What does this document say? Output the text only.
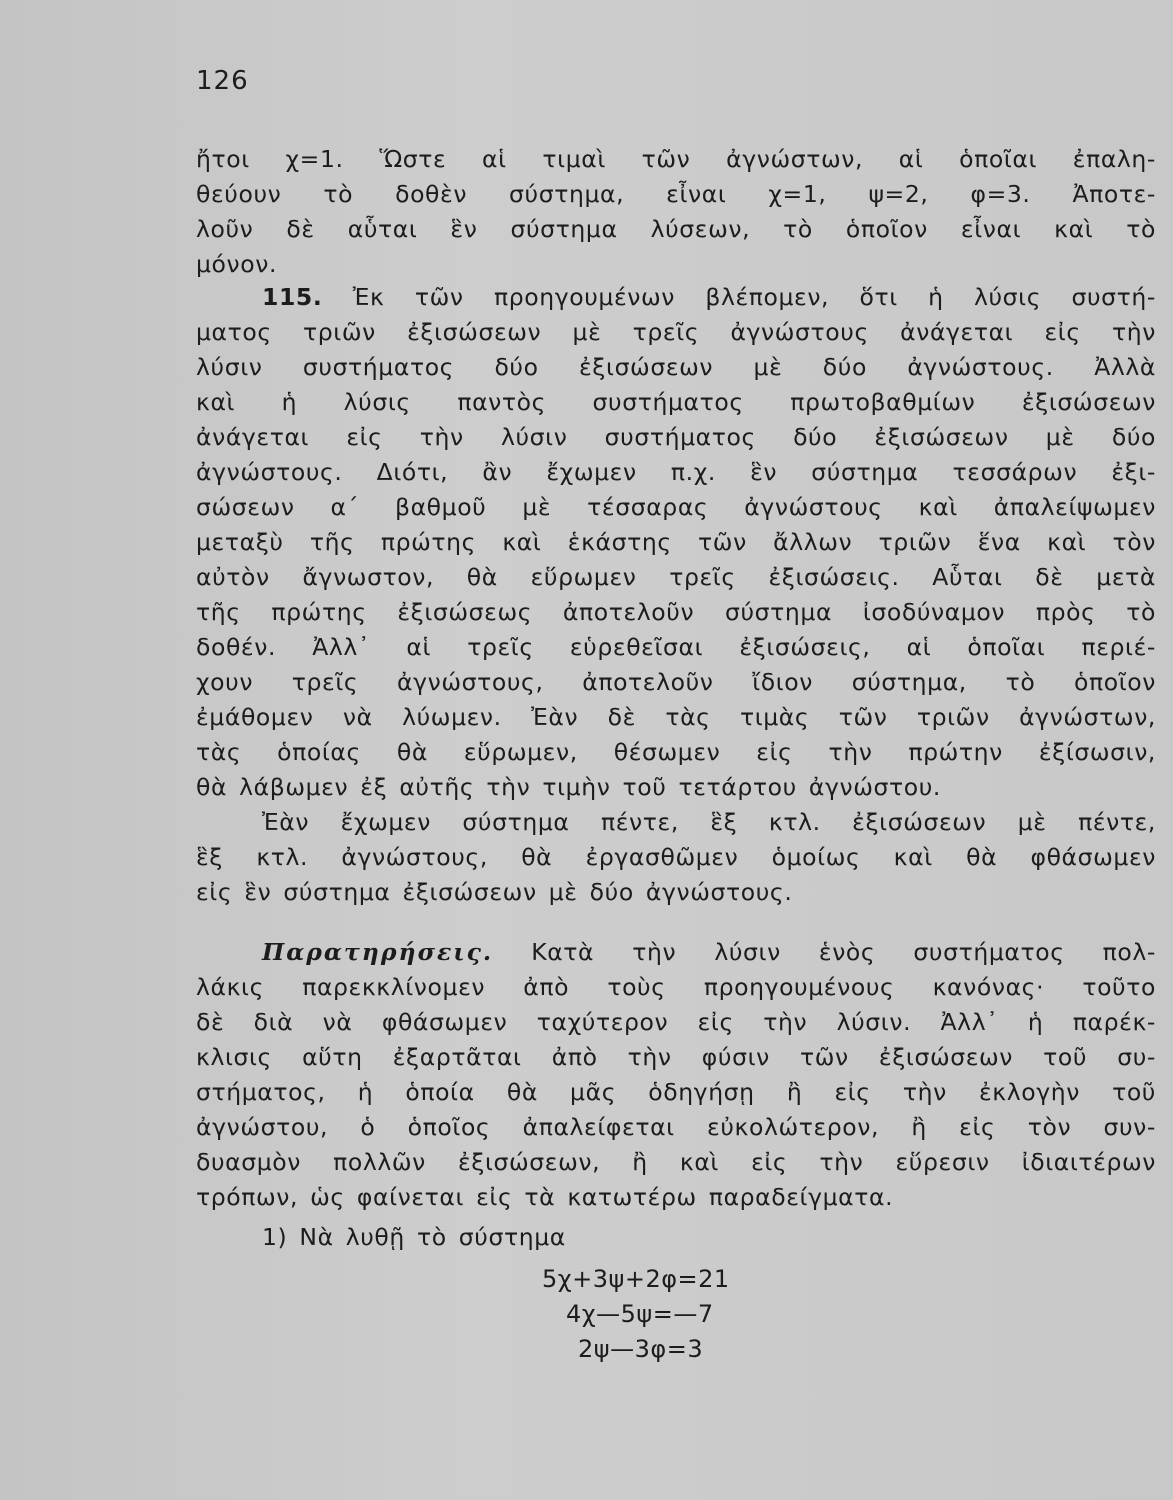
126
ἤτοι χ=1. Ὥστε αἱ τιμαὶ τῶν ἀγνώστων, αἱ ὁποῖαι ἐπαλη-
θεύουν τὸ δοθὲν σύστημα, εἶναι χ=1, ψ=2, φ=3. Ἀποτε-
λοῦν δὲ αὗται ἓν σύστημα λύσεων, τὸ ὁποῖον εἶναι καὶ τὸ
μόνον.
115. Ἐκ τῶν προηγουμένων βλέπομεν, ὅτι ἡ λύσις συστή-
ματος τριῶν ἐξισώσεων μὲ τρεῖς ἀγνώστους ἀνάγεται εἰς τὴν
λύσιν συστήματος δύο ἐξισώσεων μὲ δύο ἀγνώστους. Ἀλλὰ
καὶ ἡ λύσις παντὸς συστήματος πρωτοβαθμίων ἐξισώσεων
ἀνάγεται εἰς τὴν λύσιν συστήματος δύο ἐξισώσεων μὲ δύο
ἀγνώστους. Διότι, ἂν ἔχωμεν π.χ. ἓν σύστημα τεσσάρων ἐξι-
σώσεων α΄ βαθμοῦ μὲ τέσσαρας ἀγνώστους καὶ ἀπαλείψωμεν
μεταξὺ τῆς πρώτης καὶ ἑκάστης τῶν ἄλλων τριῶν ἕνα καὶ τὸν
αὐτὸν ἄγνωστον, θὰ εὕρωμεν τρεῖς ἐξισώσεις. Αὗται δὲ μετὰ
τῆς πρώτης ἐξισώσεως ἀποτελοῦν σύστημα ἰσοδύναμον πρὸς τὸ
δοθέν. Ἀλλ᾽ αἱ τρεῖς εὑρεθεῖσαι ἐξισώσεις, αἱ ὁποῖαι περιέ-
χουν τρεῖς ἀγνώστους, ἀποτελοῦν ἴδιον σύστημα, τὸ ὁποῖον
ἐμάθομεν νὰ λύωμεν. Ἐὰν δὲ τὰς τιμὰς τῶν τριῶν ἀγνώστων,
τὰς ὁποίας θὰ εὕρωμεν, θέσωμεν εἰς τὴν πρώτην ἐξίσωσιν,
θὰ λάβωμεν ἐξ αὐτῆς τὴν τιμὴν τοῦ τετάρτου ἀγνώστου.
Ἐὰν ἔχωμεν σύστημα πέντε, ἓξ κτλ. ἐξισώσεων μὲ πέντε,
ἓξ κτλ. ἀγνώστους, θὰ ἐργασθῶμεν ὁμοίως καὶ θὰ φθάσωμεν
εἰς ἓν σύστημα ἐξισώσεων μὲ δύο ἀγνώστους.
Παρατηρήσεις. Κατὰ τὴν λύσιν ἑνὸς συστήματος πολ-
λάκις παρεκκλίνομεν ἀπὸ τοὺς προηγουμένους κανόνας· τοῦτο
δὲ διὰ νὰ φθάσωμεν ταχύτερον εἰς τὴν λύσιν. Ἀλλ᾽ ἡ παρέκ-
κλισις αὕτη ἐξαρτᾶται ἀπὸ τὴν φύσιν τῶν ἐξισώσεων τοῦ συ-
στήματος, ἡ ὁποία θὰ μᾶς ὁδηγήσῃ ἢ εἰς τὴν ἐκλογὴν τοῦ
ἀγνώστου, ὁ ὁποῖος ἀπαλείφεται εὐκολώτερον, ἢ εἰς τὸν συν-
δυασμὸν πολλῶν ἐξισώσεων, ἢ καὶ εἰς τὴν εὕρεσιν ἰδιαιτέρων
τρόπων, ὡς φαίνεται εἰς τὰ κατωτέρω παραδείγματα.
1) Νὰ λυθῇ τὸ σύστημα
5χ+3ψ+2φ=21
4χ—5ψ=—7
2ψ—3φ=3
